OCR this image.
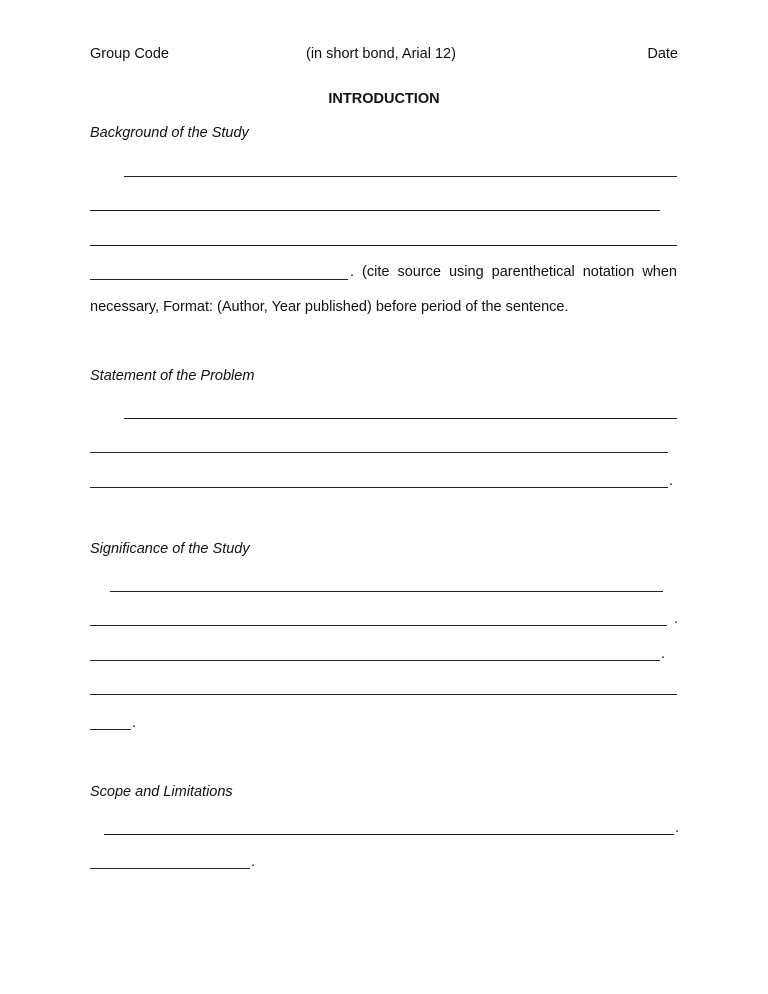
Group Code	(in short bond, Arial 12)	Date
INTRODUCTION
Background of the Study
. (cite source using parenthetical notation when
necessary, Format: (Author, Year published) before period of the sentence.
Statement of the Problem
.
Significance of the Study
.
.
.
Scope and Limitations
.
.
